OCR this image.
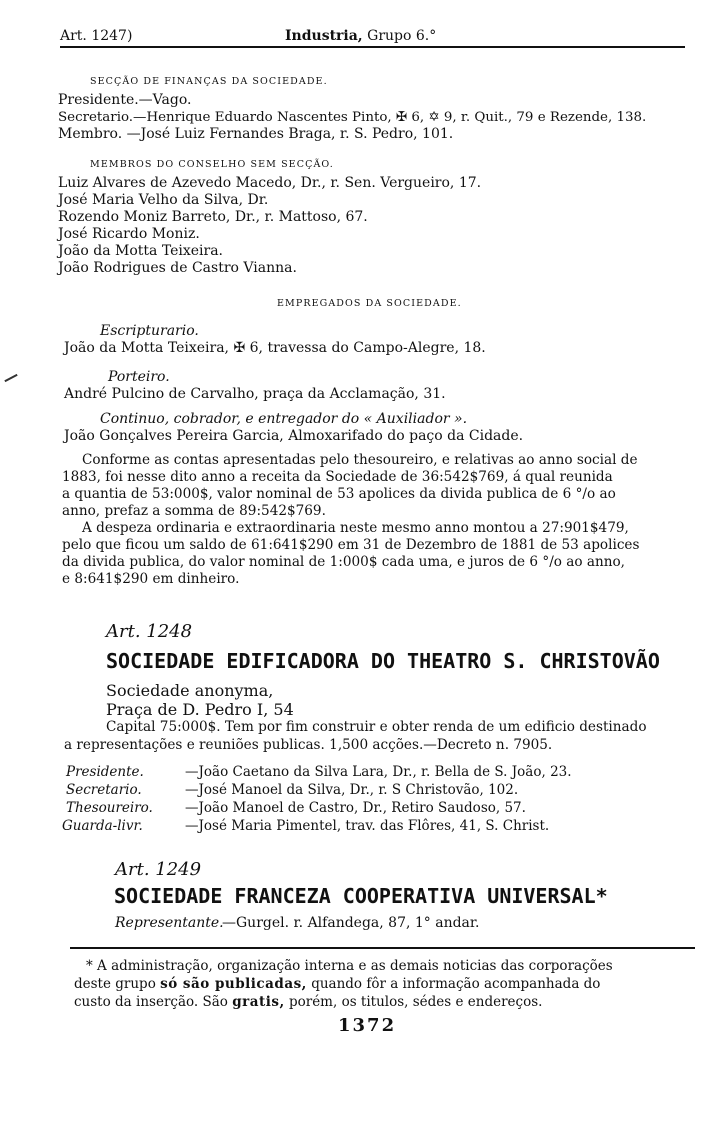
Art. 1247)	Industria, Grupo 6.°
SECÇÃO DE FINANÇAS DA SOCIEDADE.
Presidente.—Vago.
Secretario.—Henrique Eduardo Nascentes Pinto, ✠ 6, ✡ 9, r. Quit., 79 e Rezende, 138.
Membro. —José Luiz Fernandes Braga, r. S. Pedro, 101.
MEMBROS DO CONSELHO SEM SECÇÃO.
Luiz Alvares de Azevedo Macedo, Dr., r. Sen. Vergueiro, 17.
José Maria Velho da Silva, Dr.
Rozendo Moniz Barreto, Dr., r. Mattoso, 67.
José Ricardo Moniz.
João da Motta Teixeira.
João Rodrigues de Castro Vianna.
EMPREGADOS DA SOCIEDADE.
Escripturario.
João da Motta Teixeira, ✠ 6, travessa do Campo-Alegre, 18.
Porteiro.
André Pulcino de Carvalho, praça da Acclamação, 31.
Continuo, cobrador, e entregador do « Auxiliador ».
João Gonçalves Pereira Garcia, Almoxarifado do paço da Cidade.
Conforme as contas apresentadas pelo thesoureiro, e relativas ao anno social de
1883, foi nesse dito anno a receita da Sociedade de 36:542$769, á qual reunida
a quantia de 53:000$, valor nominal de 53 apolices da divida publica de 6 °/o ao
anno, prefaz a somma de 89:542$769.
A despeza ordinaria e extraordinaria neste mesmo anno montou a 27:901$479,
pelo que ficou um saldo de 61:641$290 em 31 de Dezembro de 1881 de 53 apolices
da divida publica, do valor nominal de 1:000$ cada uma, e juros de 6 °/o ao anno,
e 8:641$290 em dinheiro.
Art. 1248
SOCIEDADE EDIFICADORA DO THEATRO S. CHRISTOVÃO
Sociedade anonyma,
Praça de D. Pedro I, 54
Capital 75:000$. Tem por fim construir e obter renda de um edificio destinado
a representações e reuniões publicas. 1,500 acções.—Decreto n. 7905.
Presidente.	—João Caetano da Silva Lara, Dr., r. Bella de S. João, 23.
Secretario.	—José Manoel da Silva, Dr., r. S Christovão, 102.
Thesoureiro. —João Manoel de Castro, Dr., Retiro Saudoso, 57.
Guarda-livr.	—José Maria Pimentel, trav. das Flôres, 41, S. Christ.
Art. 1249
SOCIEDADE FRANCEZA COOPERATIVA UNIVERSAL*
Representante.
—Gurgel. r. Alfandega, 87, 1° andar.
* A administração, organização interna e as demais noticias das corporações
deste grupo só são publicadas, quando fôr a informação acompanhada do
custo da inserção. São gratis, porém, os titulos, sédes e endereços.
1372
